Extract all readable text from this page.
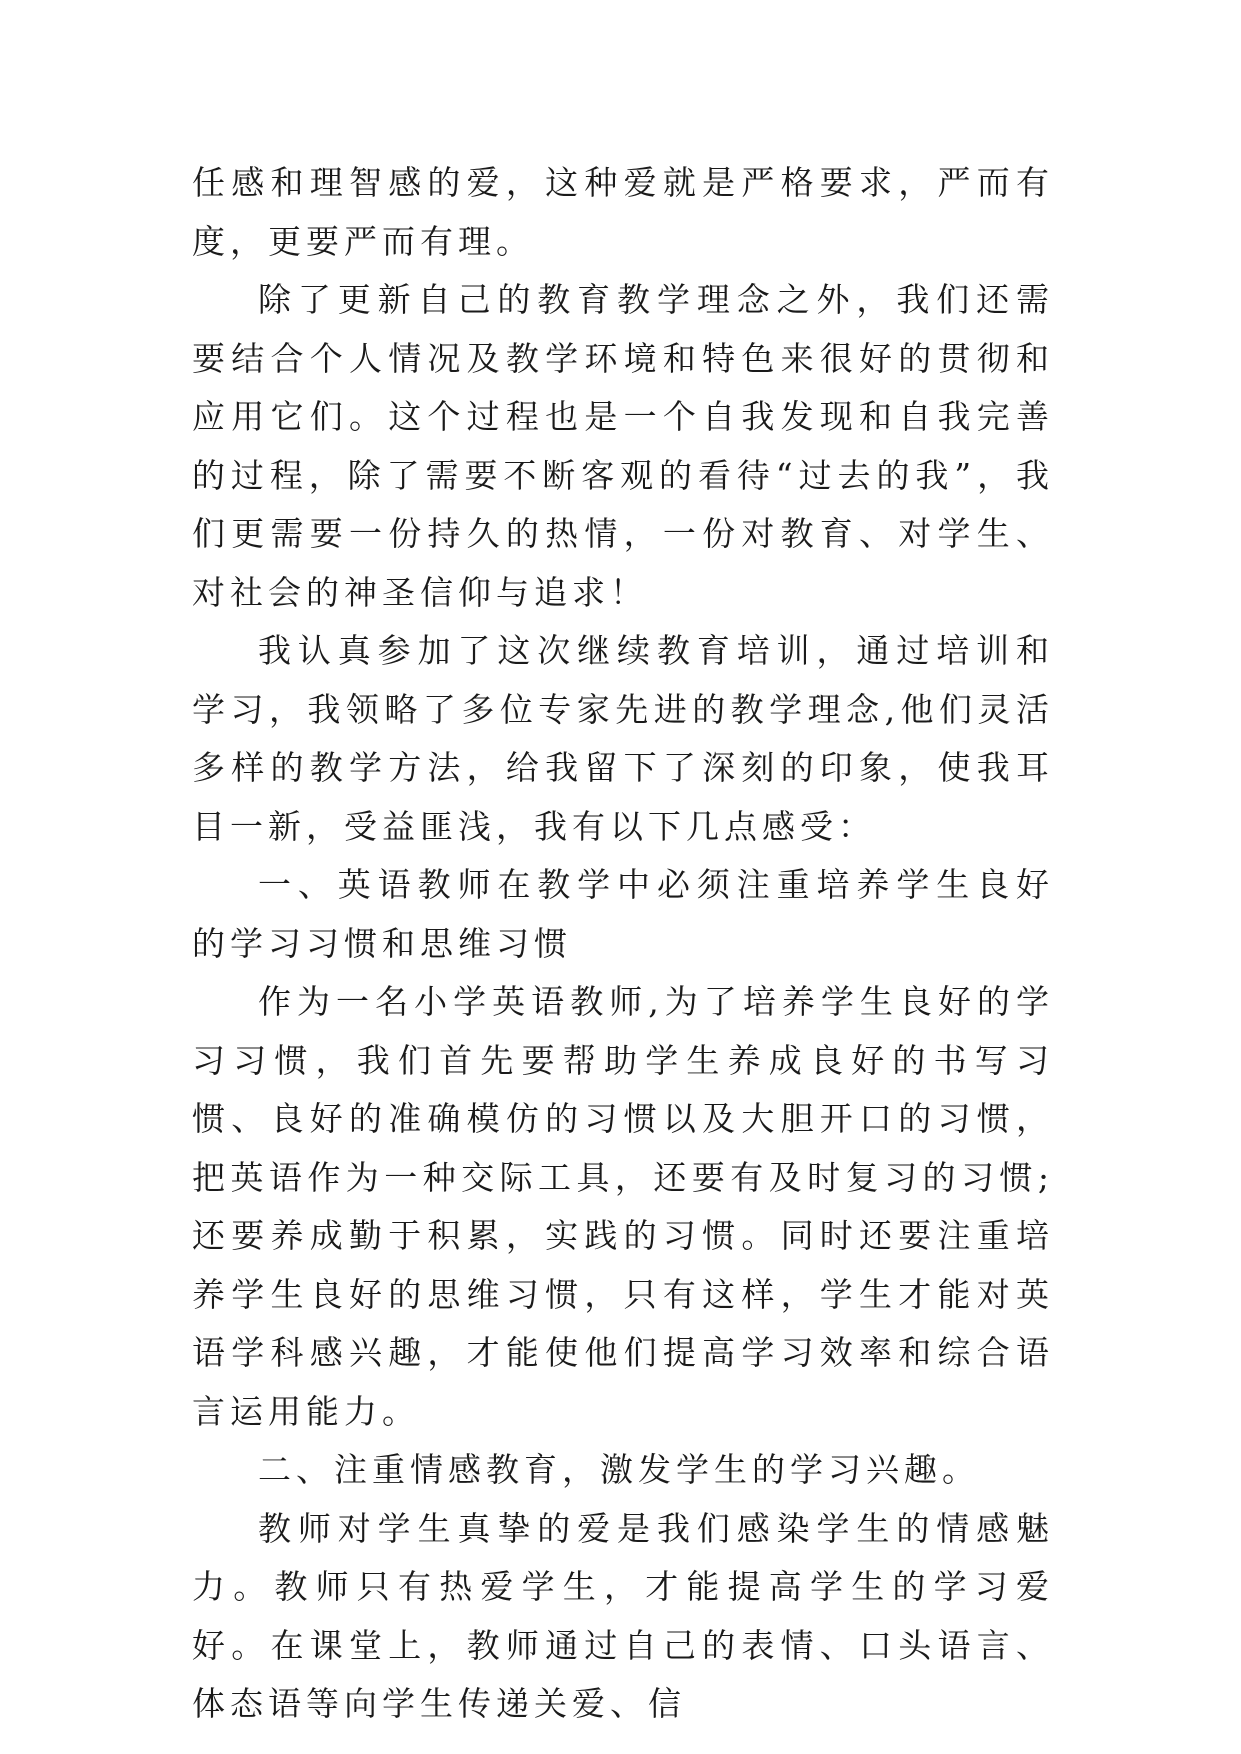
任感和理智感的爱，这种爱就是严格要求，严而有度，更要严而有理。

除了更新自己的教育教学理念之外，我们还需要结合个人情况及教学环境和特色来很好的贯彻和应用它们。这个过程也是一个自我发现和自我完善的过程，除了需要不断客观的看待“过去的我”，我们更需要一份持久的热情，一份对教育、对学生、对社会的神圣信仰与追求！

我认真参加了这次继续教育培训，通过培训和学习，我领略了多位专家先进的教学理念,他们灵活多样的教学方法，给我留下了深刻的印象，使我耳目一新，受益匪浅，我有以下几点感受：

一、英语教师在教学中必须注重培养学生良好的学习习惯和思维习惯

作为一名小学英语教师,为了培养学生良好的学习习惯，我们首先要帮助学生养成良好的书写习惯、良好的准确模仿的习惯以及大胆开口的习惯，把英语作为一种交际工具，还要有及时复习的习惯;还要养成勤于积累，实践的习惯。同时还要注重培养学生良好的思维习惯，只有这样，学生才能对英语学科感兴趣，才能使他们提高学习效率和综合语言运用能力。

二、注重情感教育，激发学生的学习兴趣。

教师对学生真挚的爱是我们感染学生的情感魅力。教师只有热爱学生，才能提高学生的学习爱好。在课堂上，教师通过自己的表情、口头语言、体态语等向学生传递关爱、信
